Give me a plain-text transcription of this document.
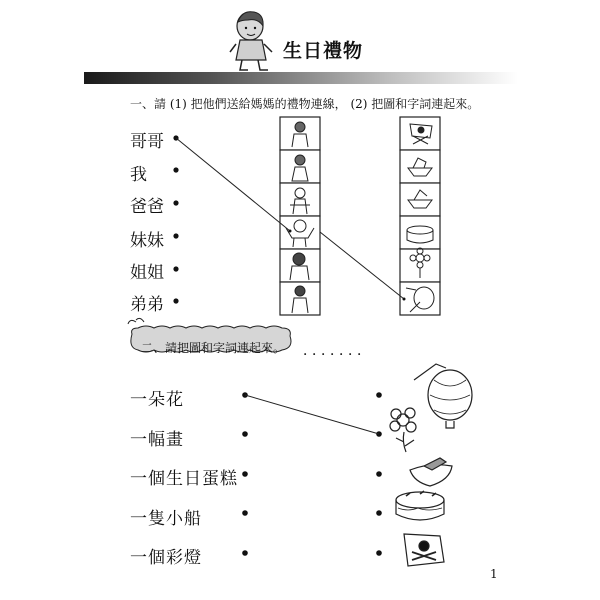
生日禮物
一、請 (1) 把他們送給媽媽的禮物連線， (2) 把圖和字詞連起來。
哥哥
我
爸爸
妹妹
姐姐
弟弟
二、請把圖和字詞連起來。 ．．．．．．．
一朵花
一幅畫
一個生日蛋糕
一隻小船
一個彩燈
1
